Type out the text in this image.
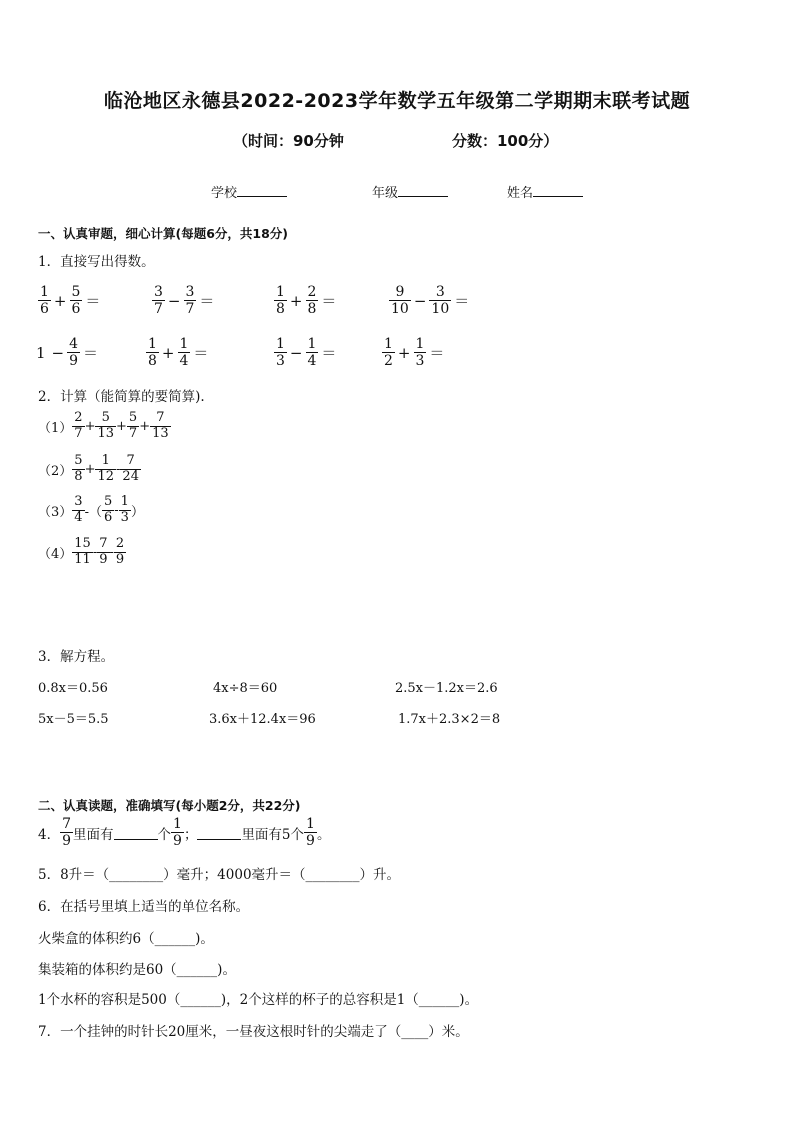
临沧地区永德县2022-2023学年数学五年级第二学期期末联考试题
（时间：90分钟	分数：100分）
学校	年级	姓名
一、认真审题，细心计算(每题6分，共18分)
1．直接写出得数。
$\frac{1}{6} + \frac{5}{6}$ ＝	$\frac{3}{7} - \frac{3}{7}$ ＝	$\frac{1}{8} + \frac{2}{8}$ ＝	$\frac{9}{10} - \frac{3}{10}$ ＝
$1 - \frac{4}{9}$ ＝	$\frac{1}{8} + \frac{1}{4}$ ＝	$\frac{1}{3} - \frac{1}{4}$ ＝	$\frac{1}{2} + \frac{1}{3}$ ＝
2．计算（能简算的要简算).
$(1) \frac{2}{7} + \frac{5}{13} + \frac{5}{7} + \frac{7}{13}$
$(2) \frac{5}{8} + \frac{1}{12} - \frac{7}{24}$
$(3) \frac{3}{4}$ -（ $\frac{5}{6} - \frac{1}{3}$ ）
$(4) \frac{15}{11} - \frac{7}{9} - \frac{2}{9}$
3．解方程。
0.8x＝0.56	4x÷8＝60	2.5x－1.2x＝2.6
5x－5＝5.5	3.6x＋12.4x＝96	1.7x＋2.3×2＝8
二、认真读题，准确填写(每小题2分，共22分)
4． $\frac{7}{9}$ 里面有	个 $\frac{1}{9}$ ；	里面有5个 $\frac{1}{9}$ 。
5．8升＝（________）毫升；4000毫升＝（________）升。
6．在括号里填上适当的单位名称。
火柴盒的体积约6（______)。
集装箱的体积约是60（______)。
1个水杯的容积是500（______)，2个这样的杯子的总容积是1（______)。
7．一个挂钟的时针长20厘米，一昼夜这根时针的尖端走了（____）米。
